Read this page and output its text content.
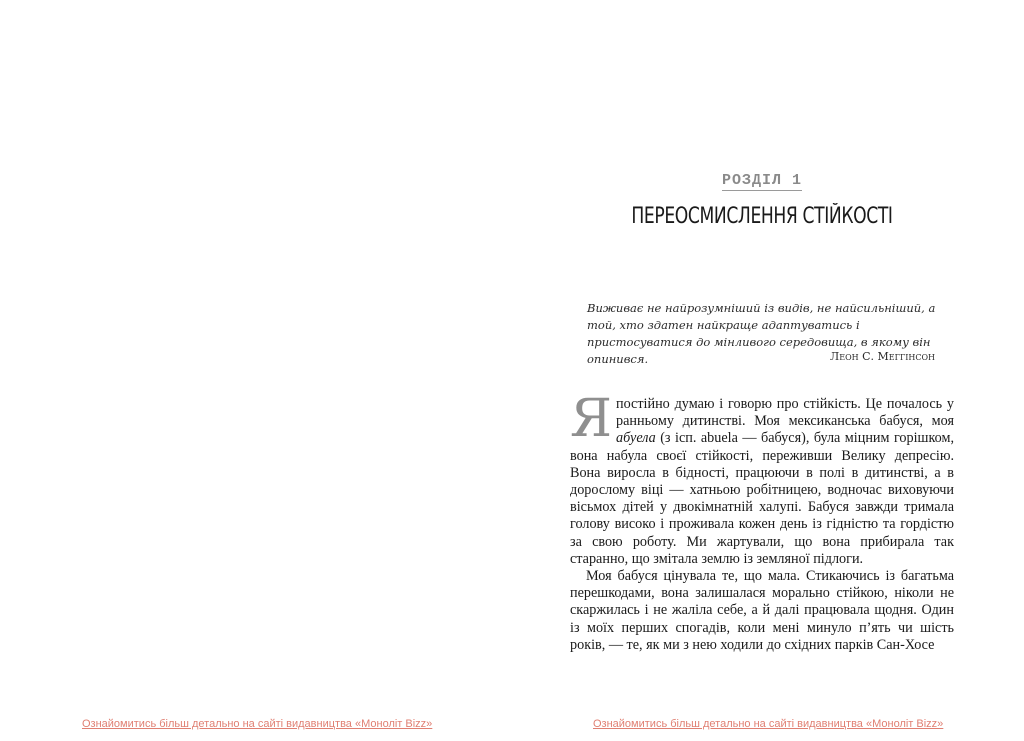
Ознайомитись більш детально на сайті видавництва «Моноліт Bizz»
РОЗДІЛ 1
ПЕРЕОСМИСЛЕННЯ СТІЙКОСТІ
Виживає не найрозумніший із видів, не найсильніший, а той, хто здатен найкраще адаптуватись і пристосуватися до мінливого середовища, в якому він опинився.	Леон С. Меггінсон

Япостійно думаю і говорю про стійкість. Це почалось у ранньому дитинстві. Моя мексиканська бабуся, моя абуела (з ісп. abuela — бабуся), була міцним горішком, вона набула своєї стійкості, переживши Велику депресію. Вона виросла в бідності, працюючи в полі в дитинстві, а в дорослому віці — хатньою робітницею, водночас виховуючи вісьмох дітей у двокімнатній халупі. Бабуся завжди тримала голову високо і проживала кожен день із гідністю та гордістю за свою роботу. Ми жартували, що вона прибирала так старанно, що змітала землю із земляної підлоги.

Моя бабуся цінувала те, що мала. Стикаючись із багатьма перешкодами, вона залишалася морально стійкою, ніколи не скаржилась і не жаліла себе, а й далі працювала щодня. Один із моїх перших спогадів, коли мені минуло п’ять чи шість років, — те, як ми з нею ходили до східних парків Сан-Хосе

Ознайомитись більш детально на сайті видавництва «Моноліт Bizz»
